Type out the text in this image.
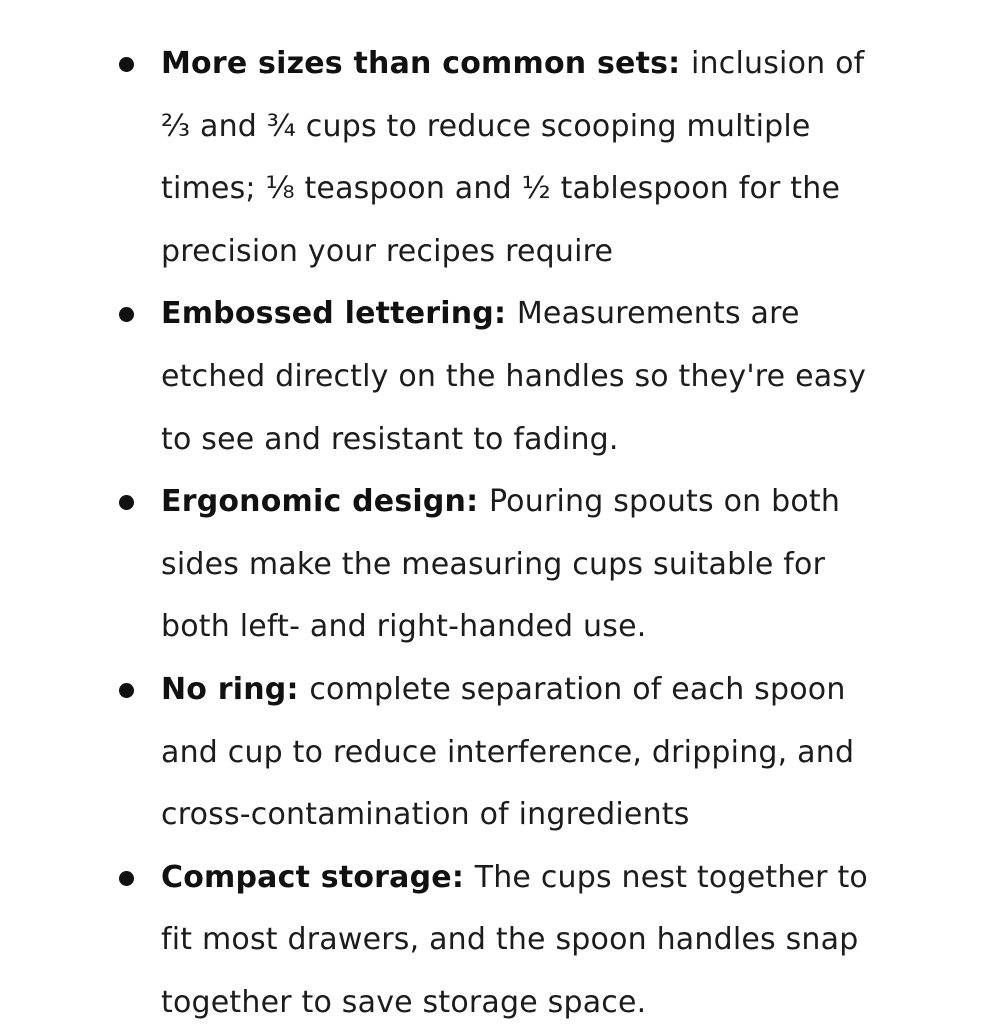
More sizes than common sets: inclusion of ⅔ and ¾ cups to reduce scooping multiple times; ⅛ teaspoon and ½ tablespoon for the precision your recipes require
Embossed lettering: Measurements are etched directly on the handles so they're easy to see and resistant to fading.
Ergonomic design: Pouring spouts on both sides make the measuring cups suitable for both left- and right-handed use.
No ring: complete separation of each spoon and cup to reduce interference, dripping, and cross-contamination of ingredients
Compact storage: The cups nest together to fit most drawers, and the spoon handles snap together to save storage space.
